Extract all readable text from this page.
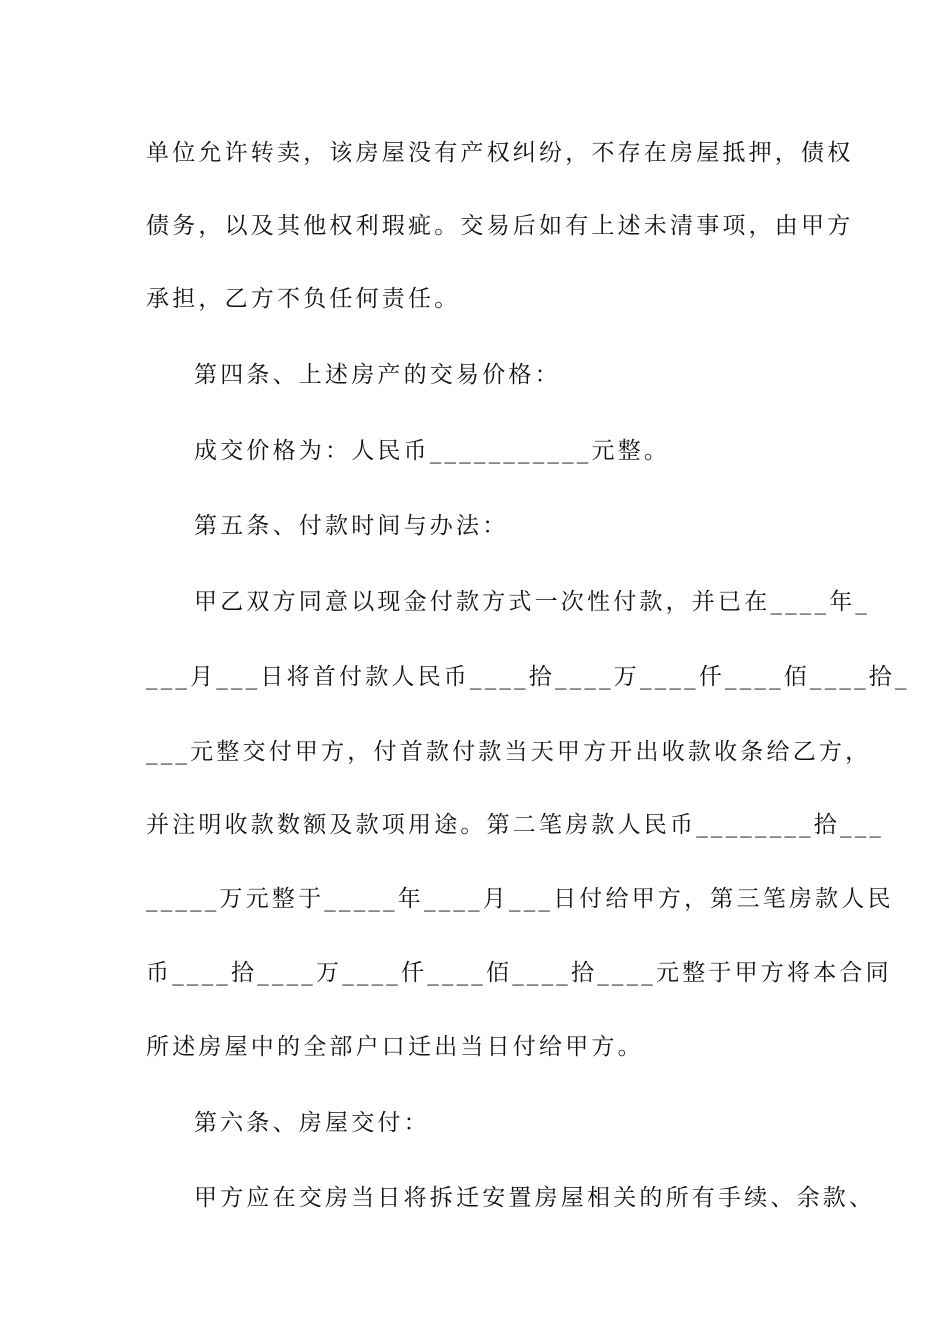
单位允许转卖，该房屋没有产权纠纷，不存在房屋抵押，债权
债务，以及其他权利瑕疵。交易后如有上述未清事项，由甲方
承担，乙方不负任何责任。
第四条、上述房产的交易价格：
成交价格为：人民币___________元整。
第五条、付款时间与办法：
甲乙双方同意以现金付款方式一次性付款，并已在____年_
___月___日将首付款人民币____拾____万____仟____佰____拾_
___元整交付甲方，付首款付款当天甲方开出收款收条给乙方，
并注明收款数额及款项用途。第二笔房款人民币________拾___
_____万元整于_____年____月___日付给甲方，第三笔房款人民
币____拾____万____仟____佰____拾____元整于甲方将本合同
所述房屋中的全部户口迁出当日付给甲方。
第六条、房屋交付：
甲方应在交房当日将拆迁安置房屋相关的所有手续、余款、
